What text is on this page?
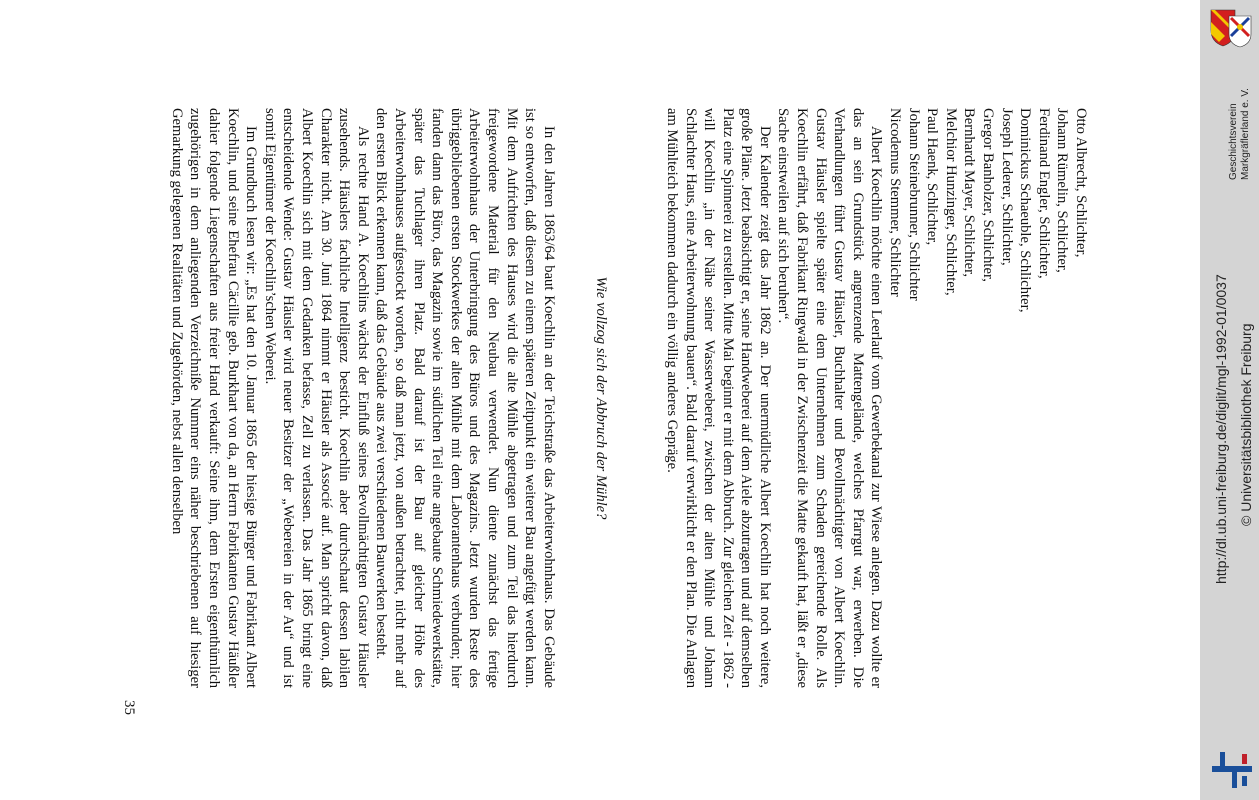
Otto Albrecht, Schlichter,
Johann Rümelin, Schlichter,
Ferdinand Engler, Schlichter,
Dominickus Schaeuble, Schlichter,
Joseph Lederer, Schlichter,
Gregor Banholzer, Schlichter,
Bernhardt Mayer, Schlichter,
Melchior Hunzinger, Schlichter,
Paul Haenk, Schlichter,
Johann Steinebrunner, Schlichter
Nicodemus Stemmer, Schlichter

Albert Koechlin möchte einen Leerlauf vom Gewerbekanal zur Wiese anlegen. Dazu wollte er das an sein Grundstück angrenzende Mattengelände, welches Pfarrgut war, erwerben. Die Verhandlungen führt Gustav Häusler, Buchhalter und Bevollmächtigter von Albert Koechlin. Gustav Häusler spielte später eine dem Unternehmen zum Schaden gereichende Rolle. Als Koechlin erfährt, daß Fabrikant Ringwald in der Zwischenzeit die Matte gekauft hat, läßt er „diese Sache einstweilen auf sich beruhen“.

Der Kalender zeigt das Jahr 1862 an. Der unermüdliche Albert Koechlin hat noch weitere, große Pläne. Jetzt beabsichtigt er, seine Handweberei auf dem Aiele abzutragen und auf demselben Platz eine Spinnerei zu erstellen. Mitte Mai beginnt er mit dem Abbruch. Zur gleichen Zeit - 1862 - will Koechlin „in der Nähe seiner Wasserweberei, zwischen der alten Mühle und Johann Schlachter Haus, eine Arbeiterwohnung bauen“. Bald darauf verwirklicht er den Plan. Die Anlagen am Mühlteich bekommen dadurch ein völlig anderes Gepräge.

Wie vollzog sich der Abbruch der Mühle?

In den Jahren 1863/64 baut Koechlin an der Teichstraße das Arbeiterwohnhaus. Das Gebäude ist so entworfen, daß diesem zu einem späteren Zeitpunkt ein weiterer Bau angefügt werden kann. Mit dem Aufrichten des Hauses wird die alte Mühle abgetragen und zum Teil das hierdurch freigewordene Material für den Neubau verwendet. Nun diente zunächst das fertige Arbeiterwohnhaus der Unterbringung des Büros und des Magazins. Jetzt wurden Reste des übriggebliebenen ersten Stockwerkes der alten Mühle mit dem Laborantenhaus verbunden; hier fanden dann das Büro, das Magazin sowie im südlichen Teil eine angebaute Schmiedewerkstätte, später das Tuchlager ihren Platz. Bald darauf ist der Bau auf gleicher Höhe des Arbeiterwohnhauses aufgestockt worden, so daß man jetzt, von außen betrachtet, nicht mehr auf den ersten Blick erkennen kann, daß das Gebäude aus zwei verschiedenen Bauwerken besteht.

Als rechte Hand A. Koechlins wächst der Einfluß seines Bevollmächtigten Gustav Häusler zusehends. Häuslers fachliche Intelligenz besticht. Koechlin aber durchschaut dessen labilen Charakter nicht. Am 30. Juni 1864 nimmt er Häusler als Associé auf. Man spricht davon, daß Albert Koechlin sich mit dem Gedanken befasse, Zell zu verlassen. Das Jahr 1865 bringt eine entscheidende Wende: Gustav Häusler wird neuer Besitzer der „Webereien in der Au“ und ist somit Eigentümer der Koechlin’schen Weberei.

Im Grundbuch lesen wir: „Es hat den 10. Januar 1865 der hiesige Bürger und Fabrikant Albert Koechlin, und seine Ehefrau Cäcillie geb. Burkhart von da, an Herrn Fabrikanten Gustav Häußler dahier folgende Liegenschaften aus freier Hand verkauft: Seine ihm, dem Ersten eigenthümlich zugehörigen in dem anliegenden Verzeichniße Nummer eins näher beschriebenen auf hiesiger Gemarkung gelegenen Realitäten und Zugehörden, nebst allen denselben

35
Geschichtsverein Markgräflerland e. V.
http://dl.ub.uni-freiburg.de/diglit/mgl-1992-01/0037 © Universitätsbibliothek Freiburg
